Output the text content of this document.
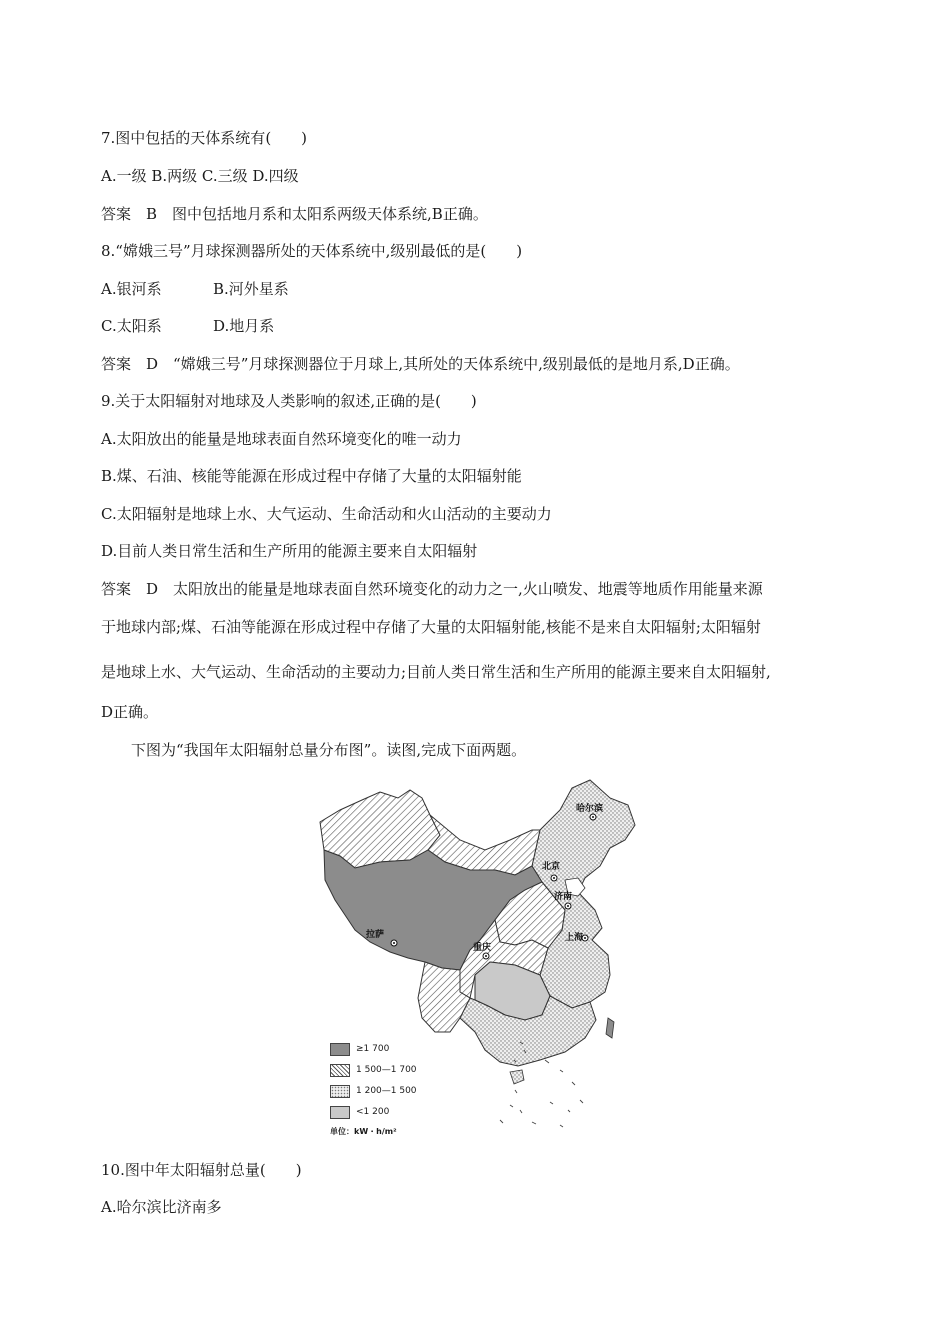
7.图中包括的天体系统有(　　)
A.一级 B.两级 C.三级 D.四级
答案　B　图中包括地月系和太阳系两级天体系统,B正确。
8.“嫦娥三号”月球探测器所处的天体系统中,级别最低的是(　　)
A.银河系	B.河外星系
C.太阳系	D.地月系
答案　D　“嫦娥三号”月球探测器位于月球上,其所处的天体系统中,级别最低的是地月系,D正确。
9.关于太阳辐射对地球及人类影响的叙述,正确的是(　　)
A.太阳放出的能量是地球表面自然环境变化的唯一动力
B.煤、石油、核能等能源在形成过程中存储了大量的太阳辐射能
C.太阳辐射是地球上水、大气运动、生命活动和火山活动的主要动力
D.目前人类日常生活和生产所用的能源主要来自太阳辐射
答案　D　太阳放出的能量是地球表面自然环境变化的动力之一,火山喷发、地震等地质作用能量来源
于地球内部;煤、石油等能源在形成过程中存储了大量的太阳辐射能,核能不是来自太阳辐射;太阳辐射
是地球上水、大气运动、生命活动的主要动力;目前人类日常生活和生产所用的能源主要来自太阳辐射,
D正确。
下图为“我国年太阳辐射总量分布图”。读图,完成下面两题。
哈尔滨
北京
济南
拉萨
重庆
上海
≥1 700
1 500—1 700
1 200—1 500
<1 200
单位：kW・h/m²
10.图中年太阳辐射总量(　　)
A.哈尔滨比济南多
